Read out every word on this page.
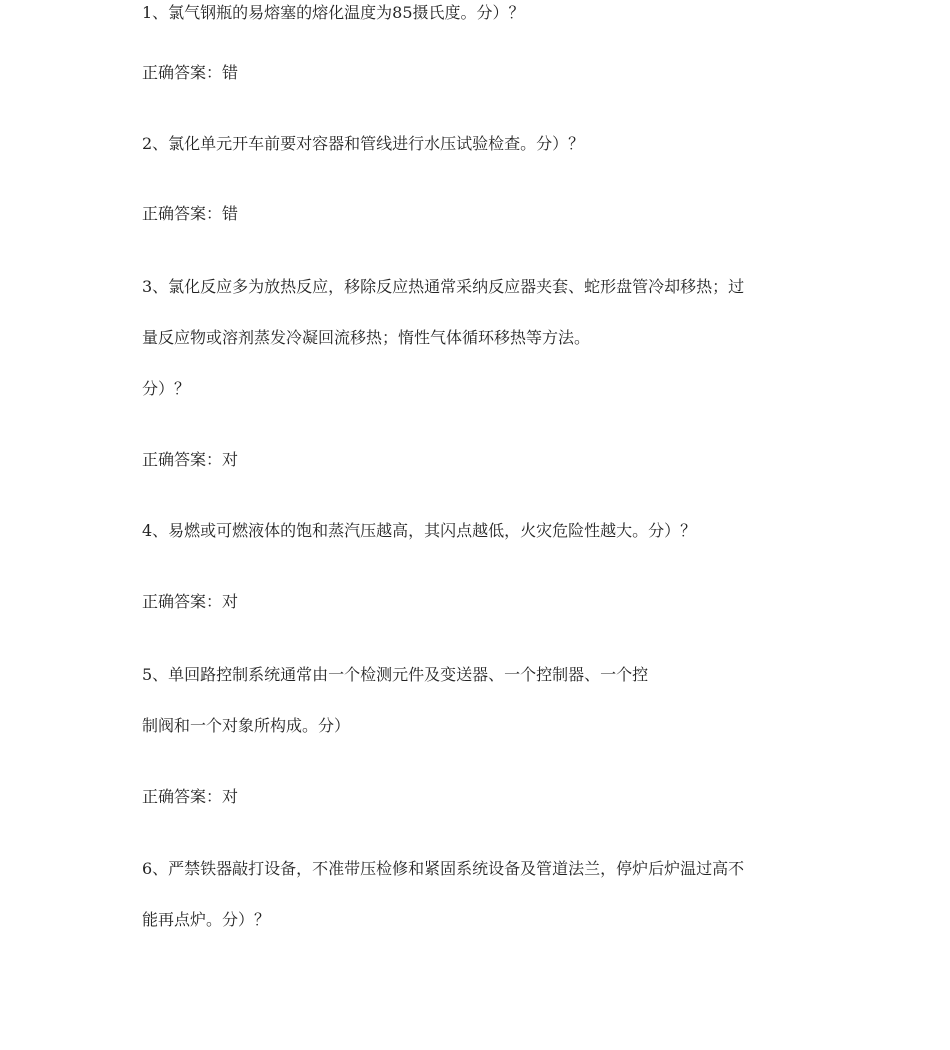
1、氯气钢瓶的易熔塞的熔化温度为85摄氏度。分）？

正确答案：错

2、氯化单元开车前要对容器和管线进行水压试验检查。分）？

正确答案：错

3、氯化反应多为放热反应，移除反应热通常采纳反应器夹套、蛇形盘管冷却移热；过

量反应物或溶剂蒸发冷凝回流移热；惰性气体循环移热等方法。

分）？

正确答案：对

4、易燃或可燃液体的饱和蒸汽压越高，其闪点越低，火灾危险性越大。分）？

正确答案：对

5、单回路控制系统通常由一个检测元件及变送器、一个控制器、一个控

制阀和一个对象所构成。分）

正确答案：对

6、严禁铁器敲打设备，不准带压检修和紧固系统设备及管道法兰，停炉后炉温过高不

能再点炉。分）？
